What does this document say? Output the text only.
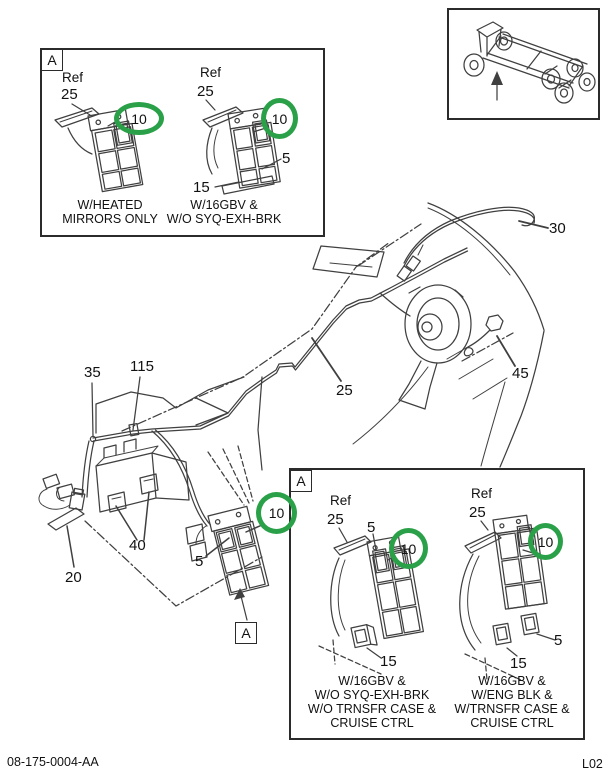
A
Ref
25
Ref
25
5
15
W/HEATED
MIRRORS ONLY
W/16GBV &
W/O SYQ-EXH-BRK
A
Ref
25 5
15
Ref
25
5
15
W/16GBV &
W/O SYQ-EXH-BRK
W/O TRNSFR CASE &
CRUISE CTRL
W/16GBV &
W/ENG BLK &
W/TRNSFR CASE &
CRUISE CTRL
35 115
25
30
45
40
20
5
A
10	10
10
10	10
08-175-0004-AA	L02
